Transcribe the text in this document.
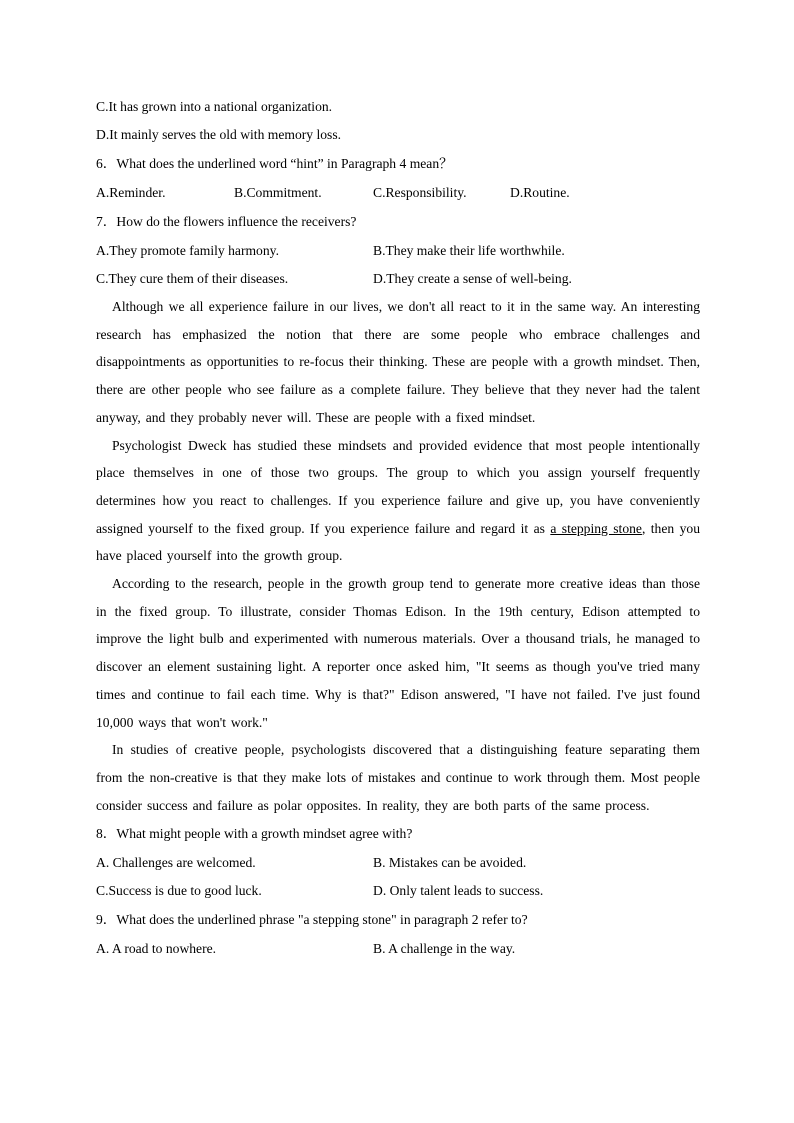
C.It has grown into a national organization.
D.It mainly serves the old with memory loss.
6．What does the underlined word “hint” in Paragraph 4 mean？
A.Reminder.	B.Commitment.	C.Responsibility.	D.Routine.
7．How do the flowers influence the receivers?
A.They promote family harmony.	B.They make their life worthwhile.
C.They cure them of their diseases.	D.They create a sense of well-being.

Although we all experience failure in our lives, we don't all react to it in the same way. An interesting research has emphasized the notion that there are some people who embrace challenges and disappointments as opportunities to re-focus their thinking. These are people with a growth mindset. Then, there are other people who see failure as a complete failure. They believe that they never had the talent anyway, and they probably never will. These are people with a fixed mindset.

Psychologist Dweck has studied these mindsets and provided evidence that most people intentionally place themselves in one of those two groups. The group to which you assign yourself frequently determines how you react to challenges. If you experience failure and give up, you have conveniently assigned yourself to the fixed group. If you experience failure and regard it as a stepping stone, then you have placed yourself into the growth group.

According to the research, people in the growth group tend to generate more creative ideas than those in the fixed group. To illustrate, consider Thomas Edison. In the 19th century, Edison attempted to improve the light bulb and experimented with numerous materials. Over a thousand trials, he managed to discover an element sustaining light. A reporter once asked him, "It seems as though you've tried many times and continue to fail each time. Why is that?" Edison answered, "I have not failed. I've just found 10,000 ways that won't work."

In studies of creative people, psychologists discovered that a distinguishing feature separating them from the non-creative is that they make lots of mistakes and continue to work through them. Most people consider success and failure as polar opposites. In reality, they are both parts of the same process.

8．What might people with a growth mindset agree with?
A. Challenges are welcomed.	B. Mistakes can be avoided.
C.Success is due to good luck.	D. Only talent leads to success.
9．What does the underlined phrase "a stepping stone" in paragraph 2 refer to?
A. A road to nowhere.	B. A challenge in the way.
